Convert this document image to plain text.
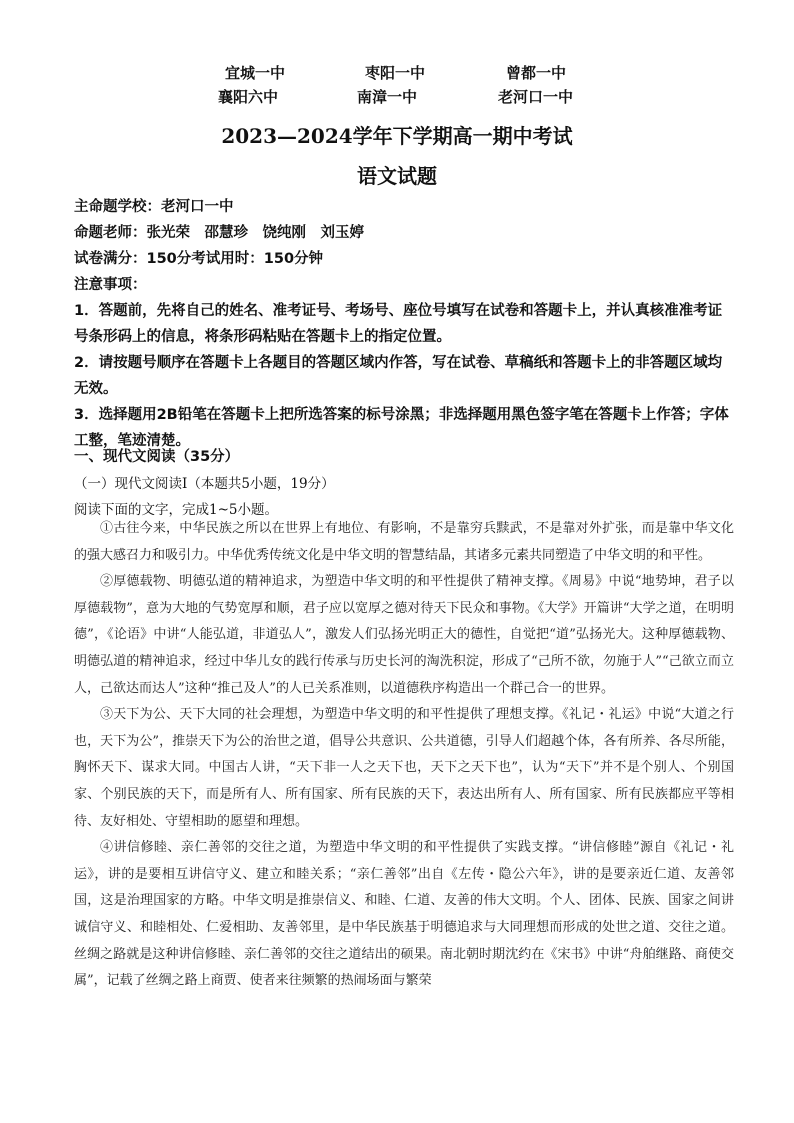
宜城一中	枣阳一中	曾都一中
襄阳六中	南漳一中	老河口一中
2023—2024学年下学期高一期中考试
语文试题
主命题学校：老河口一中
命题老师：张光荣　邵慧珍　饶纯刚　刘玉婷
试卷满分：150分考试用时：150分钟
注意事项：
1．答题前，先将自己的姓名、准考证号、考场号、座位号填写在试卷和答题卡上，并认真核准准考证号条形码上的信息，将条形码粘贴在答题卡上的指定位置。
2．请按题号顺序在答题卡上各题目的答题区域内作答，写在试卷、草稿纸和答题卡上的非答题区域均无效。
3．选择题用2B铅笔在答题卡上把所选答案的标号涂黑；非选择题用黑色签字笔在答题卡上作答；字体工整，笔迹清楚。
一、现代文阅读（35分）
（一）现代文阅读Ⅰ（本题共5小题，19分）
阅读下面的文字，完成1~5小题。

①古往今来，中华民族之所以在世界上有地位、有影响，不是靠穷兵黩武，不是靠对外扩张，而是靠中华文化的强大感召力和吸引力。中华优秀传统文化是中华文明的智慧结晶，其诸多元素共同塑造了中华文明的和平性。

②厚德载物、明德弘道的精神追求，为塑造中华文明的和平性提供了精神支撑。《周易》中说“地势坤，君子以厚德载物”，意为大地的气势宽厚和顺，君子应以宽厚之德对待天下民众和事物。《大学》开篇讲“大学之道，在明明德”，《论语》中讲“人能弘道，非道弘人”，激发人们弘扬光明正大的德性，自觉把“道”弘扬光大。这种厚德载物、明德弘道的精神追求，经过中华儿女的践行传承与历史长河的淘洗积淀，形成了“己所不欲，勿施于人”“己欲立而立人，己欲达而达人”这种“推己及人”的人已关系准则，以道德秩序构造出一个群己合一的世界。

③天下为公、天下大同的社会理想，为塑造中华文明的和平性提供了理想支撑。《礼记・礼运》中说“大道之行也，天下为公”，推崇天下为公的治世之道，倡导公共意识、公共道德，引导人们超越个体，各有所养、各尽所能，胸怀天下、谋求大同。中国古人讲，“天下非一人之天下也，天下之天下也”，认为“天下”并不是个别人、个别国家、个别民族的天下，而是所有人、所有国家、所有民族的天下，表达出所有人、所有国家、所有民族都应平等相待、友好相处、守望相助的愿望和理想。

④讲信修睦、亲仁善邻的交往之道，为塑造中华文明的和平性提供了实践支撑。“讲信修睦”源自《礼记・礼运》，讲的是要相互讲信守义、建立和睦关系；“亲仁善邻”出自《左传・隐公六年》，讲的是要亲近仁道、友善邻国，这是治理国家的方略。中华文明是推崇信义、和睦、仁道、友善的伟大文明。个人、团体、民族、国家之间讲诚信守义、和睦相处、仁爱相助、友善邻里，是中华民族基于明德追求与大同理想而形成的处世之道、交往之道。丝绸之路就是这种讲信修睦、亲仁善邻的交往之道结出的硕果。南北朝时期沈约在《宋书》中讲“舟舶继路、商使交属”，记载了丝绸之路上商贾、使者来往频繁的热闹场面与繁荣
